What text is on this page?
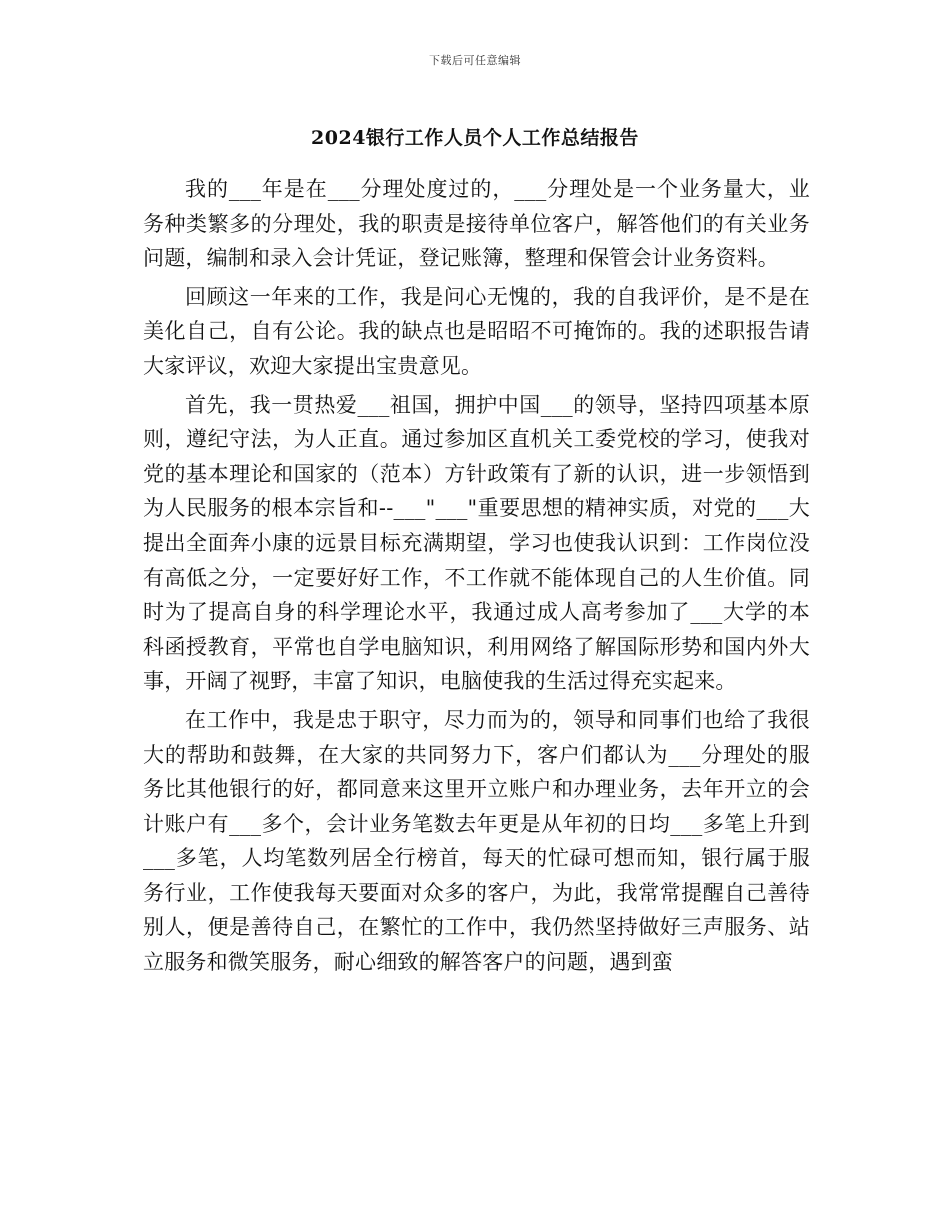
下载后可任意编辑
2024银行工作人员个人工作总结报告

我的___年是在___分理处度过的，___分理处是一个业务量大，业务种类繁多的分理处，我的职责是接待单位客户，解答他们的有关业务问题，编制和录入会计凭证，登记账簿，整理和保管会计业务资料。

回顾这一年来的工作，我是问心无愧的，我的自我评价，是不是在美化自己，自有公论。我的缺点也是昭昭不可掩饰的。我的述职报告请大家评议，欢迎大家提出宝贵意见。

首先，我一贯热爱___祖国，拥护中国___的领导，坚持四项基本原则，遵纪守法，为人正直。通过参加区直机关工委党校的学习，使我对党的基本理论和国家的（范本）方针政策有了新的认识，进一步领悟到为人民服务的根本宗旨和--___"___"重要思想的精神实质，对党的___大提出全面奔小康的远景目标充满期望，学习也使我认识到：工作岗位没有高低之分，一定要好好工作，不工作就不能体现自己的人生价值。同时为了提高自身的科学理论水平，我通过成人高考参加了___大学的本科函授教育，平常也自学电脑知识，利用网络了解国际形势和国内外大事，开阔了视野，丰富了知识，电脑使我的生活过得充实起来。

在工作中，我是忠于职守，尽力而为的，领导和同事们也给了我很大的帮助和鼓舞，在大家的共同努力下，客户们都认为___分理处的服务比其他银行的好，都同意来这里开立账户和办理业务，去年开立的会计账户有___多个，会计业务笔数去年更是从年初的日均___多笔上升到___多笔，人均笔数列居全行榜首，每天的忙碌可想而知，银行属于服务行业，工作使我每天要面对众多的客户，为此，我常常提醒自己善待别人，便是善待自己，在繁忙的工作中，我仍然坚持做好三声服务、站立服务和微笑服务，耐心细致的解答客户的问题，遇到蛮
